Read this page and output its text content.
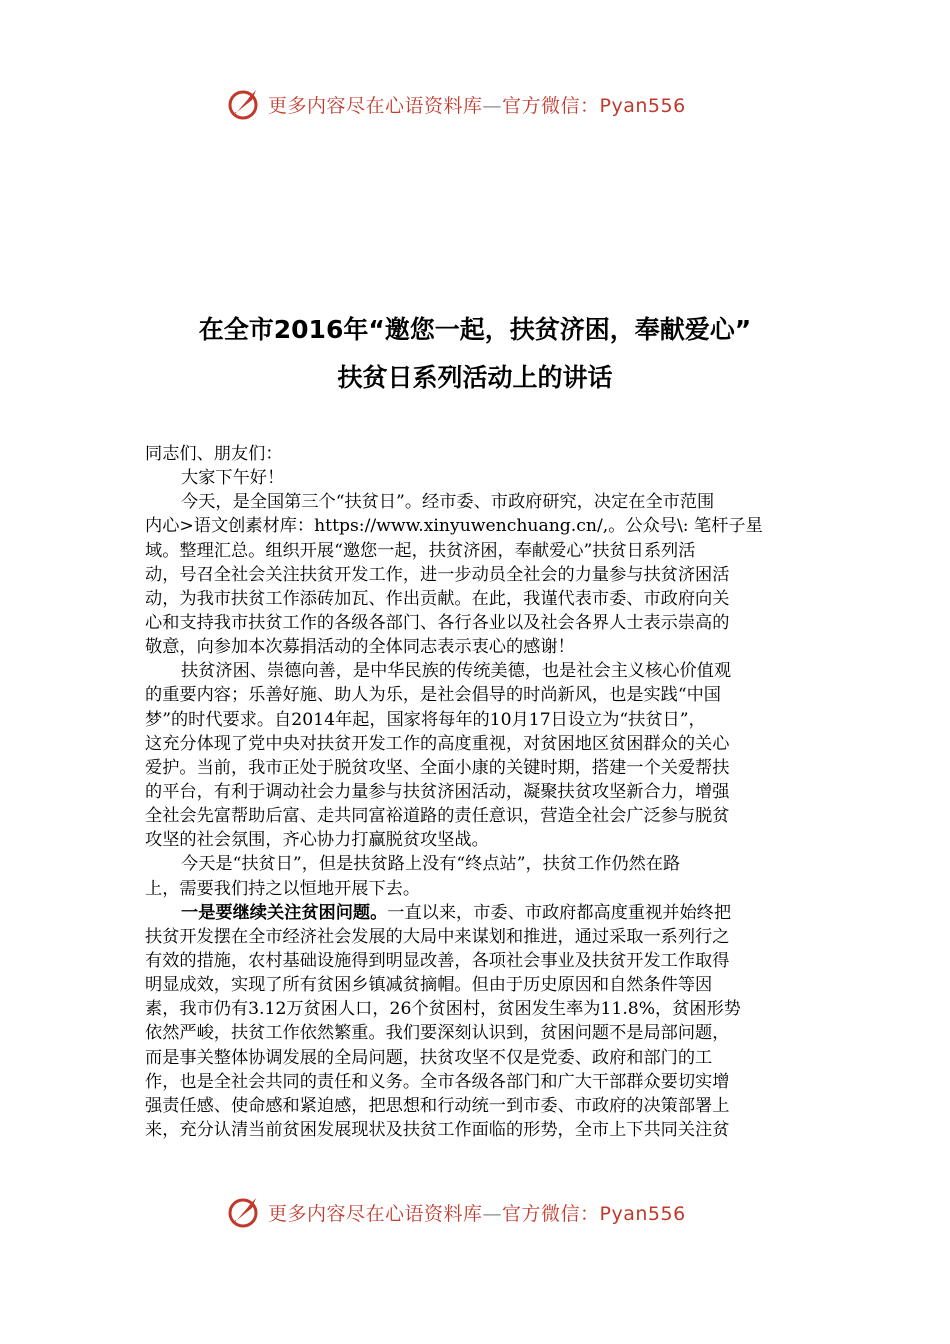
更多内容尽在心语资料库—官方微信：Pyan556
在全市2016年“邀您一起，扶贫济困，奉献爱心”
扶贫日系列活动上的讲话
同志们、朋友们：
大家下午好！
今天，是全国第三个“扶贫日”。经市委、市政府研究，决定在全市范围
内心>语文创素材库：https://www.xinyuwenchuang.cn/,。公众号\: 笔杆子星
域。整理汇总。组织开展“邀您一起，扶贫济困，奉献爱心”扶贫日系列活
动，号召全社会关注扶贫开发工作，进一步动员全社会的力量参与扶贫济困活
动，为我市扶贫工作添砖加瓦、作出贡献。在此，我谨代表市委、市政府向关
心和支持我市扶贫工作的各级各部门、各行各业以及社会各界人士表示崇高的
敬意，向参加本次募捐活动的全体同志表示衷心的感谢！
扶贫济困、崇德向善，是中华民族的传统美德，也是社会主义核心价值观
的重要内容；乐善好施、助人为乐，是社会倡导的时尚新风，也是实践“中国
梦”的时代要求。自2014年起，国家将每年的10月17日设立为“扶贫日”，
这充分体现了党中央对扶贫开发工作的高度重视，对贫困地区贫困群众的关心
爱护。当前，我市正处于脱贫攻坚、全面小康的关键时期，搭建一个关爱帮扶
的平台，有利于调动社会力量参与扶贫济困活动，凝聚扶贫攻坚新合力，增强
全社会先富帮助后富、走共同富裕道路的责任意识，营造全社会广泛参与脱贫
攻坚的社会氛围，齐心协力打赢脱贫攻坚战。
今天是“扶贫日”，但是扶贫路上没有“终点站”，扶贫工作仍然在路
上，需要我们持之以恒地开展下去。
一是要继续关注贫困问题。一直以来，市委、市政府都高度重视并始终把
扶贫开发摆在全市经济社会发展的大局中来谋划和推进，通过采取一系列行之
有效的措施，农村基础设施得到明显改善，各项社会事业及扶贫开发工作取得
明显成效，实现了所有贫困乡镇减贫摘帽。但由于历史原因和自然条件等因
素，我市仍有3.12万贫困人口，26个贫困村，贫困发生率为11.8%，贫困形势
依然严峻，扶贫工作依然繁重。我们要深刻认识到，贫困问题不是局部问题，
而是事关整体协调发展的全局问题，扶贫攻坚不仅是党委、政府和部门的工
作，也是全社会共同的责任和义务。全市各级各部门和广大干部群众要切实增
强责任感、使命感和紧迫感，把思想和行动统一到市委、市政府的决策部署上
来，充分认清当前贫困发展现状及扶贫工作面临的形势，全市上下共同关注贫
更多内容尽在心语资料库—官方微信：Pyan556
